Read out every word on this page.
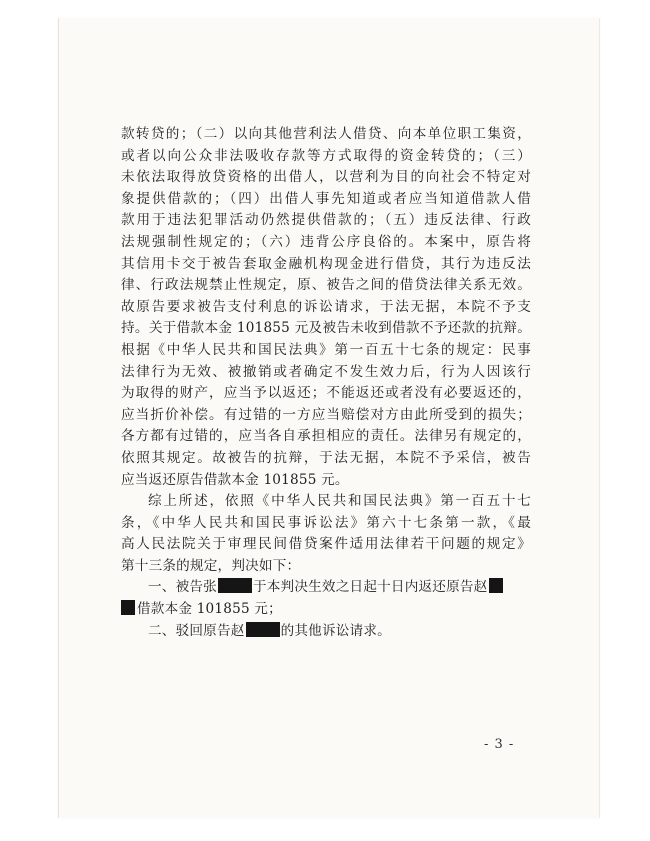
款转贷的；（二）以向其他营利法人借贷、向本单位职工集资，
或者以向公众非法吸收存款等方式取得的资金转贷的；（三）
未依法取得放贷资格的出借人，以营利为目的向社会不特定对
象提供借款的；（四）出借人事先知道或者应当知道借款人借
款用于违法犯罪活动仍然提供借款的；（五）违反法律、行政
法规强制性规定的；（六）违背公序良俗的。本案中，原告将
其信用卡交于被告套取金融机构现金进行借贷，其行为违反法
律、行政法规禁止性规定，原、被告之间的借贷法律关系无效。
故原告要求被告支付利息的诉讼请求，于法无据，本院不予支
持。关于借款本金 101855 元及被告未收到借款不予还款的抗辩。
根据《中华人民共和国民法典》第一百五十七条的规定：民事
法律行为无效、被撤销或者确定不发生效力后，行为人因该行
为取得的财产，应当予以返还；不能返还或者没有必要返还的，
应当折价补偿。有过错的一方应当赔偿对方由此所受到的损失；
各方都有过错的，应当各自承担相应的责任。法律另有规定的，
依照其规定。故被告的抗辩，于法无据，本院不予采信，被告
应当返还原告借款本金 101855 元。
综上所述，依照《中华人民共和国民法典》第一百五十七
条，《中华人民共和国民事诉讼法》第六十七条第一款，《最
高人民法院关于审理民间借贷案件适用法律若干问题的规定》
第十三条的规定，判决如下：
一、被告张	于本判决生效之日起十日内返还原告赵
借款本金 101855 元；
二、驳回原告赵	的其他诉讼请求。
- 3 -
